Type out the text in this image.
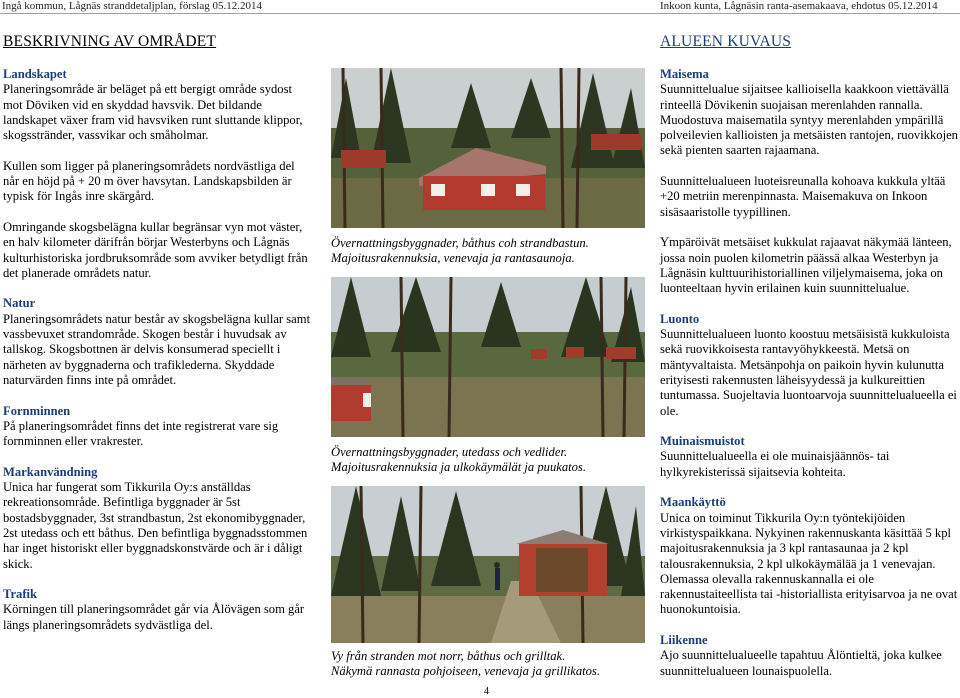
Ingå kommun, Lågnäs stranddetaljplan, förslag 05.12.2014	Inkoon kunta, Lågnäsin ranta-asemakaava, ehdotus 05.12.2014
BESKRIVNING AV OMRÅDET	ALUEEN KUVAUS
Landskapet

Planeringsområde är beläget på ett bergigt område sydost mot Döviken vid en skyddad havsvik. Det bildande landskapet växer fram vid havsviken runt sluttande klippor, skogsstränder, vassvikar och småholmar.

Kullen som ligger på planeringsområdets nordvästliga del når en höjd på + 20 m över havsytan. Landskapsbilden är typisk för Ingås inre skärgård.

Omringande skogsbelägna kullar begränsar vyn mot väster, en halv kilometer därifrån börjar Westerbyns och Lågnäs kulturhistoriska jordbruksområde som avviker betydligt från det planerade områdets natur.

Natur

Planeringsområdets natur består av skogsbelägna kullar samt vassbevuxet strandområde. Skogen består i huvudsak av tallskog. Skogsbottnen är delvis konsumerad speciellt i närheten av byggnaderna och trafiklederna. Skyddade naturvärden finns inte på området.

Fornminnen

På planeringsområdet finns det inte registrerat vare sig fornminnen eller vrakrester.

Markanvändning

Unica har fungerat som Tikkurila Oy:s anställdas rekreationsområde. Befintliga byggnader är 5st bostadsbyggnader, 3st strandbastun, 2st ekonomibyggnader, 2st utedass och ett båthus. Den befintliga byggnadsstommen har inget historiskt eller byggnadskonstvärde och är i dåligt skick.

Trafik

Körningen till planeringsområdet går via Ålövägen som går längs planeringsområdets sydvästliga del.

Övernattningsbyggnader, båthus coh strandbastun.
Majoitusrakennuksia, venevaja ja rantasaunoja.
Övernattningsbyggnader, utedass och vedlider.
Majoitusrakennuksia ja ulkokäymälät ja puukatos.
Vy från stranden mot norr, båthus och grilltak.
Näkymä rannasta pohjoiseen, venevaja ja grillikatos.
Maisema

Suunnittelualue sijaitsee kallioisella kaakkoon viettävällä rinteellä Dövikenin suojaisan merenlahden rannalla. Muodostuva maisematila syntyy merenlahden ympärillä polveilevien kallioisten ja metsäisten rantojen, ruovikkojen sekä pienten saarten rajaamana.

Suunnittelualueen luoteisreunalla kohoava kukkula yltää +20 metriin merenpinnasta. Maisemakuva on Inkoon sisäsaaristolle tyypillinen.

Ympäröivät metsäiset kukkulat rajaavat näkymää länteen, jossa noin puolen kilometrin päässä alkaa Westerbyn ja Lågnäsin kulttuurihistoriallinen viljelymaisema, joka on luonteeltaan hyvin erilainen kuin suunnittelualue.

Luonto

Suunnittelualueen luonto koostuu metsäisistä kukkuloista sekä ruovikkoisesta rantavyöhykkeestä. Metsä on mäntyvaltaista. Metsänpohja on paikoin hyvin kulunutta erityisesti rakennusten läheisyydessä ja kulkureittien tuntumassa. Suojeltavia luontoarvoja suunnittelualueella ei ole.

Muinaismuistot

Suunnittelualueella ei ole muinaisjäännös- tai hylkyrekisterissä sijaitsevia kohteita.

Maankäyttö

Unica on toiminut Tikkurila Oy:n työntekijöiden virkistyspaikkana. Nykyinen rakennuskanta käsittää 5 kpl majoitusrakennuksia ja 3 kpl rantasaunaa ja 2 kpl talousrakennuksia, 2 kpl ulkokäymälää ja 1 venevajan. Olemassa olevalla rakennuskannalla ei ole rakennustaiteellista tai -historiallista erityisarvoa ja ne ovat huonokuntoisia.

Liikenne

Ajo suunnittelualueelle tapahtuu Ålöntieltä, joka kulkee suunnittelualueen lounaispuolella.

4
